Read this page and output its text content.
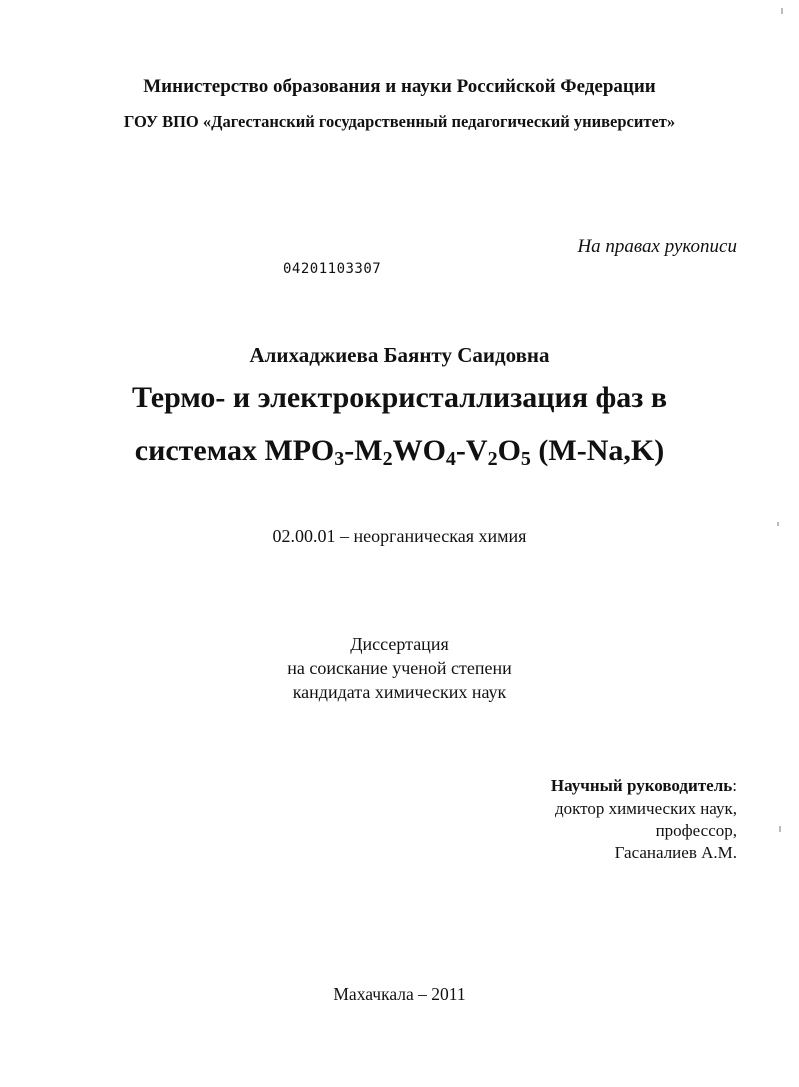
Министерство образования и науки Российской Федерации
ГОУ ВПО «Дагестанский государственный педагогический университет»
На правах рукописи
04201103307
Алихаджиева Баянту Саидовна
Термо- и электрокристаллизация фаз в
системах $МРО_3-М_2WO_4-V_2O_5$ (M-Na,K)
02.00.01 – неорганическая химия
Диссертация
на соискание ученой степени
кандидата химических наук
Научный руководитель:
доктор химических наук,
профессор,
Гасаналиев А.М.
Махачкала – 2011
